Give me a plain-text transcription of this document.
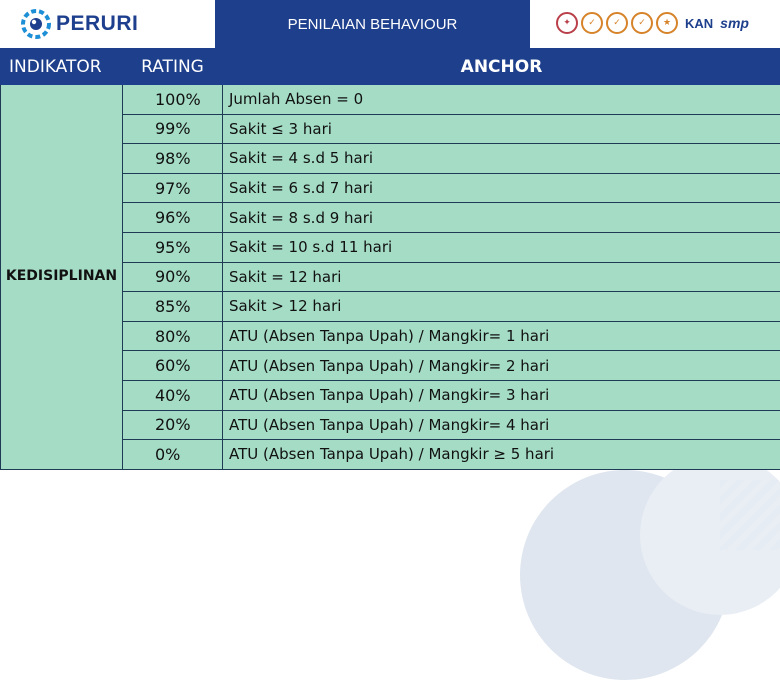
PERURI	PENILAIAN BEHAVIOUR	✦	✓	✓	✓	★	KAN smp
INDIKATOR	RATING	ANCHOR
KEDISIPLINAN	100%	Jumlah Absen = 0
	99%	Sakit ≤ 3 hari
	98%	Sakit = 4 s.d 5 hari
	97%	Sakit = 6 s.d 7 hari
	96%	Sakit = 8 s.d 9 hari
	95%	Sakit = 10 s.d 11 hari
	90%	Sakit = 12 hari
	85%	Sakit > 12 hari
	80%	ATU (Absen Tanpa Upah) / Mangkir= 1 hari
	60%	ATU (Absen Tanpa Upah) / Mangkir= 2 hari
	40%	ATU (Absen Tanpa Upah) / Mangkir= 3 hari
	20%	ATU (Absen Tanpa Upah) / Mangkir= 4 hari
	0%	ATU (Absen Tanpa Upah) / Mangkir ≥ 5 hari
